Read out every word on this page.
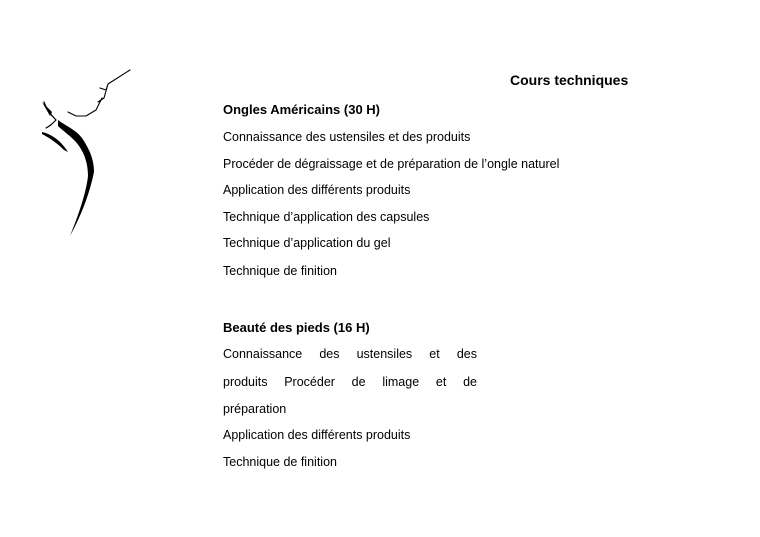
Cours techniques
Ongles Américains (30 H)
Connaissance des ustensiles et des produits
Procéder de dégraissage et de préparation de l’ongle naturel
Application des différents produits
Technique d’application des capsules
Technique d’application du gel
Technique de finition
Beauté des pieds (16 H)
Connaissance des ustensiles et des
produits Procéder de limage et de
préparation
Application des différents produits
Technique de finition
